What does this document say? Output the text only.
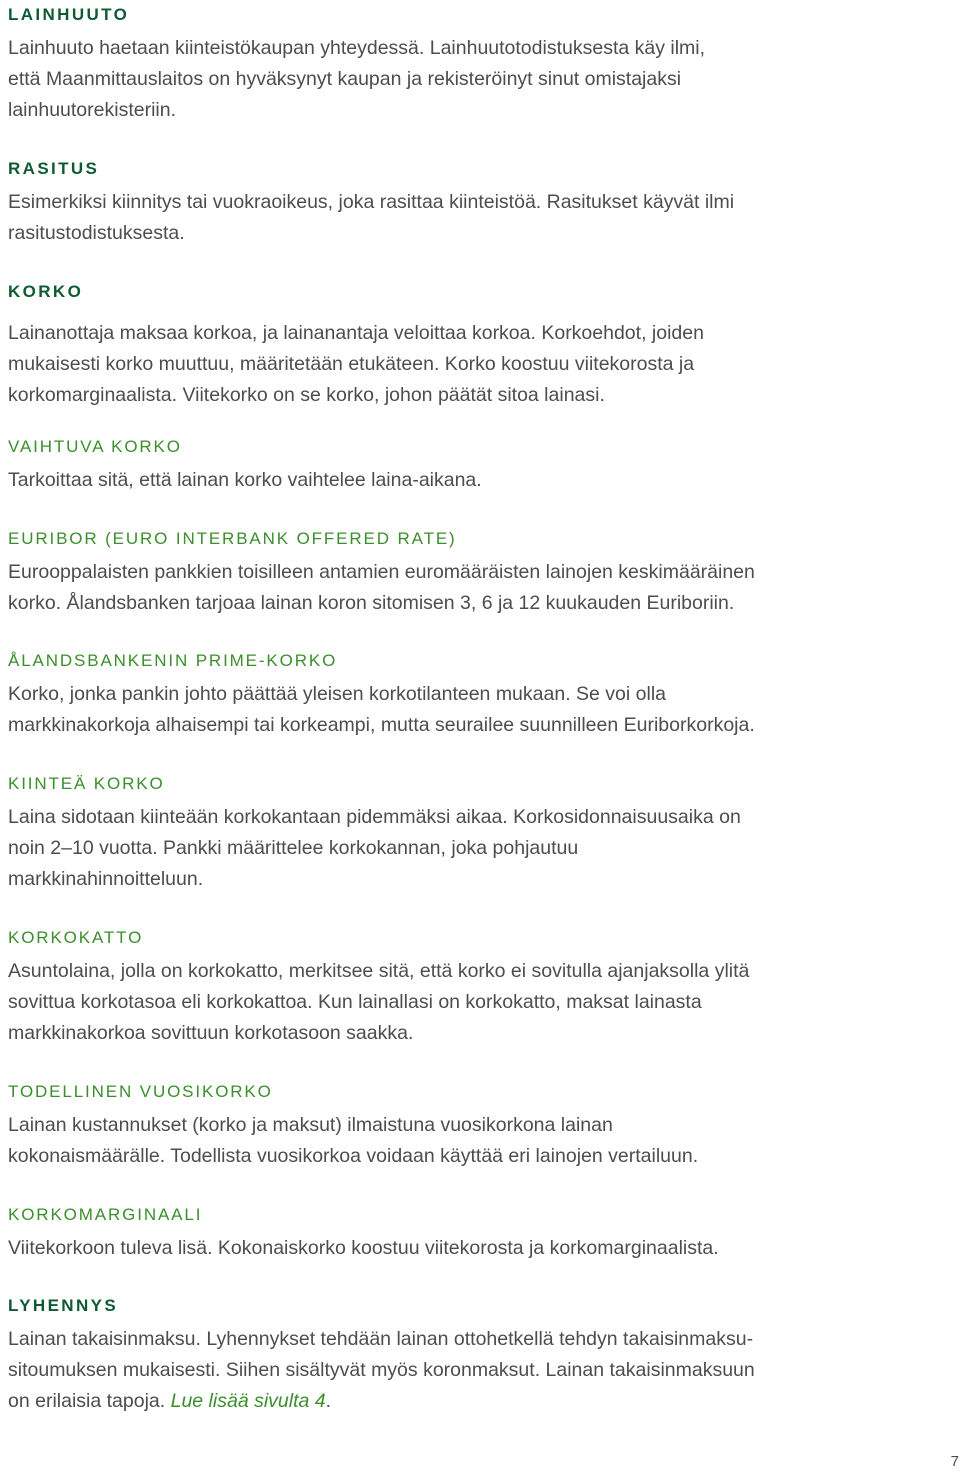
LAINHUUTO

Lainhuuto haetaan kiinteistökaupan yhteydessä. Lainhuutotodistuksesta käy ilmi,
että Maanmittauslaitos on hyväksynyt kaupan ja rekisteröinyt sinut omistajaksi
lainhuutorekisteriin.

RASITUS

Esimerkiksi kiinnitys tai vuokraoikeus, joka rasittaa kiinteistöä. Rasitukset käyvät ilmi
rasitustodistuksesta.

KORKO

Lainanottaja maksaa korkoa, ja lainanantaja veloittaa korkoa. Korkoehdot, joiden
mukaisesti korko muuttuu, määritetään etukäteen. Korko koostuu viitekorosta ja
korkomarginaalista. Viitekorko on se korko, johon päätät sitoa lainasi.

VAIHTUVA KORKO

Tarkoittaa sitä, että lainan korko vaihtelee laina-aikana.

EURIBOR (EURO INTERBANK OFFERED RATE)

Eurooppalaisten pankkien toisilleen antamien euromääräisten lainojen keskimääräinen
korko. Ålandsbanken tarjoaa lainan koron sitomisen 3, 6 ja 12 kuukauden Euriboriin.

ÅLANDSBANKENIN PRIME-KORKO

Korko, jonka pankin johto päättää yleisen korkotilanteen mukaan. Se voi olla
markkinakorkoja alhaisempi tai korkeampi, mutta seurailee suunnilleen Euriborkorkoja.

KIINTEÄ KORKO

Laina sidotaan kiinteään korkokantaan pidemmäksi aikaa. Korkosidonnaisuusaika on
noin 2–10 vuotta. Pankki määrittelee korkokannan, joka pohjautuu
markkinahinnoitteluun.

KORKOKATTO

Asuntolaina, jolla on korkokatto, merkitsee sitä, että korko ei sovitulla ajanjaksolla ylitä
sovittua korkotasoa eli korkokattoa. Kun lainallasi on korkokatto, maksat lainasta
markkinakorkoa sovittuun korkotasoon saakka.

TODELLINEN VUOSIKORKO

Lainan kustannukset (korko ja maksut) ilmaistuna vuosikorkona lainan
kokonaismäärälle. Todellista vuosikorkoa voidaan käyttää eri lainojen vertailuun.

KORKOMARGINAALI

Viitekorkoon tuleva lisä. Kokonaiskorko koostuu viitekorosta ja korkomarginaalista.

LYHENNYS

Lainan takaisinmaksu. Lyhennykset tehdään lainan ottohetkellä tehdyn takaisinmaksu-
sitoumuksen mukaisesti. Siihen sisältyvät myös koronmaksut. Lainan takaisinmaksuun
on erilaisia tapoja. Lue lisää sivulta 4.

7
